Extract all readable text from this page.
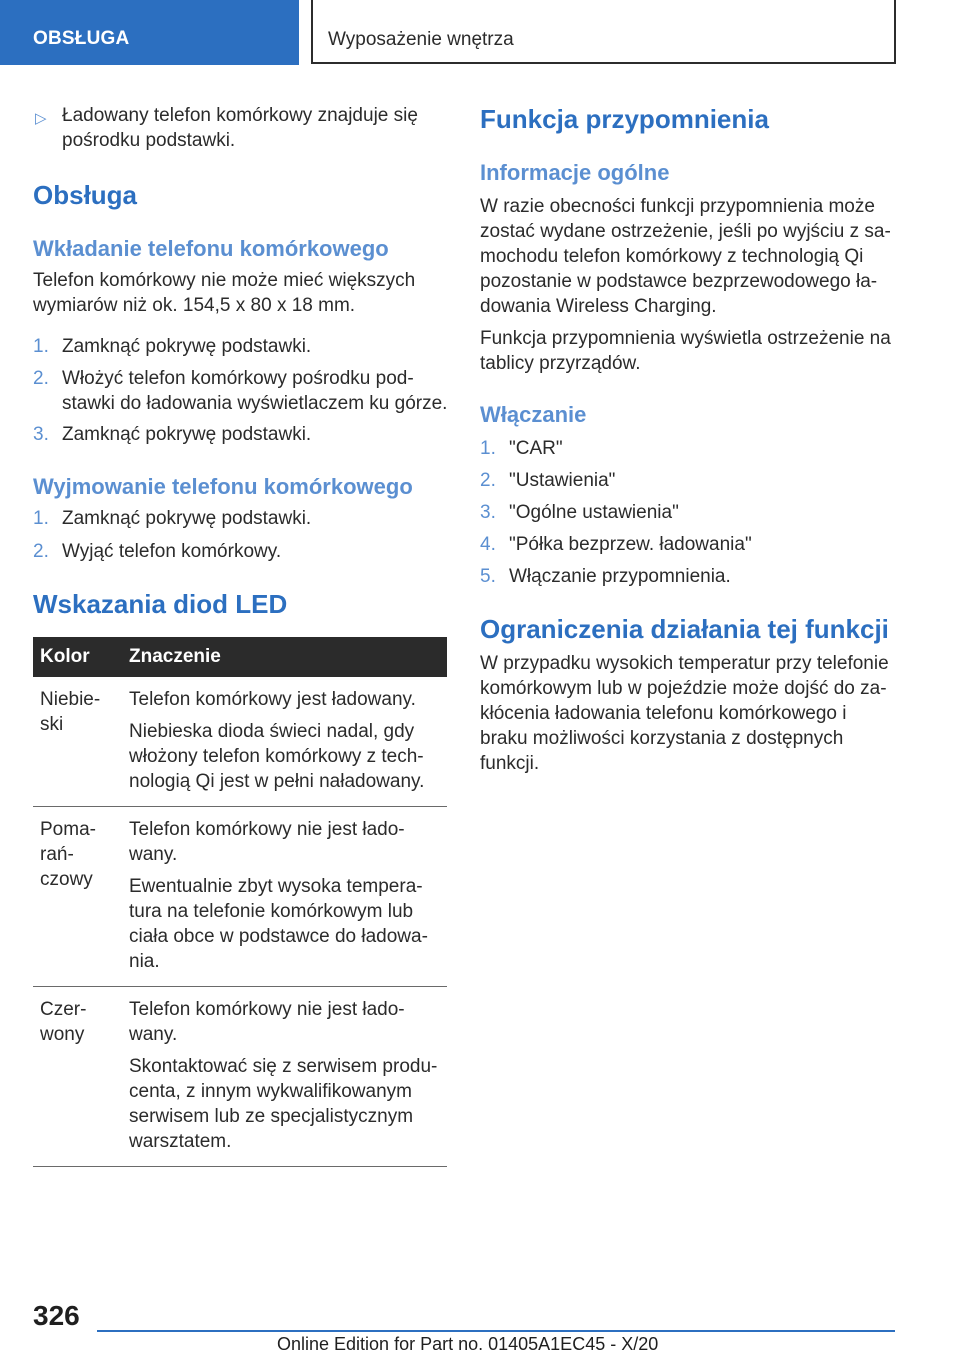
OBSŁUGA	Wyposażenie wnętrza
▷ Ładowany telefon komórkowy znajduje się pośrodku podstawki.
Obsługa
Wkładanie telefonu komórkowego
Telefon komórkowy nie może mieć większych wymiarów niż ok. 154,5 x 80 x 18 mm.
1. Zamknąć pokrywę podstawki.
2. Włożyć telefon komórkowy pośrodku pod‐stawki do ładowania wyświetlaczem ku górze.
3. Zamknąć pokrywę podstawki.
Wyjmowanie telefonu komórkowego
1. Zamknąć pokrywę podstawki.
2. Wyjąć telefon komórkowy.
Wskazania diod LED
Kolor	Znaczenie
Niebie‐ski	Telefon komórkowy jest ładowany.

Niebieska dioda świeci nadal, gdy włożony telefon komórkowy z tech‐nologią Qi jest w pełni naładowany.

Poma‐rań‐czowy	Telefon komórkowy nie jest łado‐wany.

Ewentualnie zbyt wysoka tempera‐tura na telefonie komórkowym lub ciała obce w podstawce do ładowa‐nia.

Czer‐wony	Telefon komórkowy nie jest łado‐wany.

Skontaktować się z serwisem produ‐centa, z innym wykwalifikowanym serwisem lub ze specjalistycznym warsztatem.

Funkcja przypomnienia
Informacje ogólne
W razie obecności funkcji przypomnienia może zostać wydane ostrzeżenie, jeśli po wyjściu z sa‐mochodu telefon komórkowy z technologią Qi pozostanie w podstawce bezprzewodowego ła‐dowania Wireless Charging.
Funkcja przypomnienia wyświetla ostrzeżenie na tablicy przyrządów.
Włączanie
1. "CAR"
2. "Ustawienia"
3. "Ogólne ustawienia"
4. "Półka bezprzew. ładowania"
5. Włączanie przypomnienia.
Ograniczenia działania tej funkcji
W przypadku wysokich temperatur przy telefonie komórkowym lub w pojeździe może dojść do za‐kłócenia ładowania telefonu komórkowego i braku możliwości korzystania z dostępnych funkcji.
326
Online Edition for Part no. 01405A1EC45 - X/20
